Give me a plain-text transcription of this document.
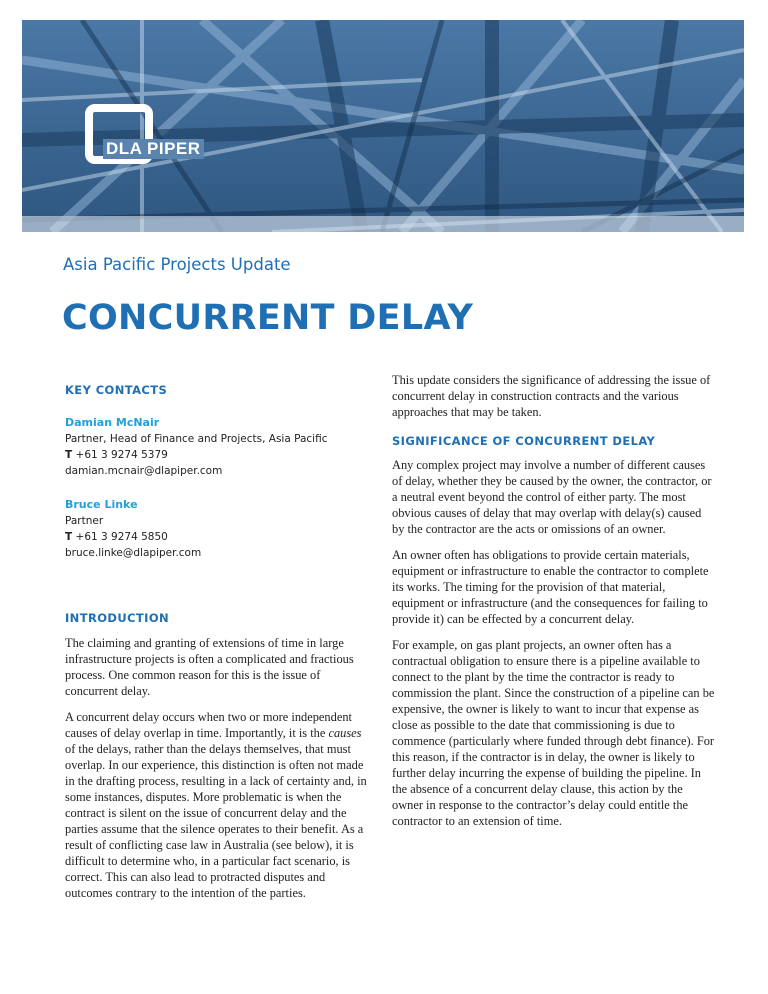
DLA PIPER
Asia Pacific Projects Update
CONCURRENT DELAY
KEY CONTACTS
Damian McNair
Partner, Head of Finance and Projects, Asia Pacific
T +61 3 9274 5379
damian.mcnair@dlapiper.com
Bruce Linke
Partner
T +61 3 9274 5850
bruce.linke@dlapiper.com
INTRODUCTION

The claiming and granting of extensions of time in large infrastructure projects is often a complicated and fractious process. One common reason for this is the issue of concurrent delay.

A concurrent delay occurs when two or more independent causes of delay overlap in time. Importantly, it is the causes of the delays, rather than the delays themselves, that must overlap. In our experience, this distinction is often not made in the drafting process, resulting in a lack of certainty and, in some instances, disputes. More problematic is when the contract is silent on the issue of concurrent delay and the parties assume that the silence operates to their benefit. As a result of conflicting case law in Australia (see below), it is difficult to determine who, in a particular fact scenario, is correct. This can also lead to protracted disputes and outcomes contrary to the intention of the parties.

This update considers the significance of addressing the issue of concurrent delay in construction contracts and the various approaches that may be taken.

SIGNIFICANCE OF CONCURRENT DELAY

Any complex project may involve a number of different causes of delay, whether they be caused by the owner, the contractor, or a neutral event beyond the control of either party. The most obvious causes of delay that may overlap with delay(s) caused by the contractor are the acts or omissions of an owner.

An owner often has obligations to provide certain materials, equipment or infrastructure to enable the contractor to complete its works. The timing for the provision of that material, equipment or infrastructure (and the consequences for failing to provide it) can be effected by a concurrent delay.

For example, on gas plant projects, an owner often has a contractual obligation to ensure there is a pipeline available to connect to the plant by the time the contractor is ready to commission the plant. Since the construction of a pipeline can be expensive, the owner is likely to want to incur that expense as close as possible to the date that commissioning is due to commence (particularly where funded through debt finance). For this reason, if the contractor is in delay, the owner is likely to further delay incurring the expense of building the pipeline. In the absence of a concurrent delay clause, this action by the owner in response to the contractor’s delay could entitle the contractor to an extension of time.
